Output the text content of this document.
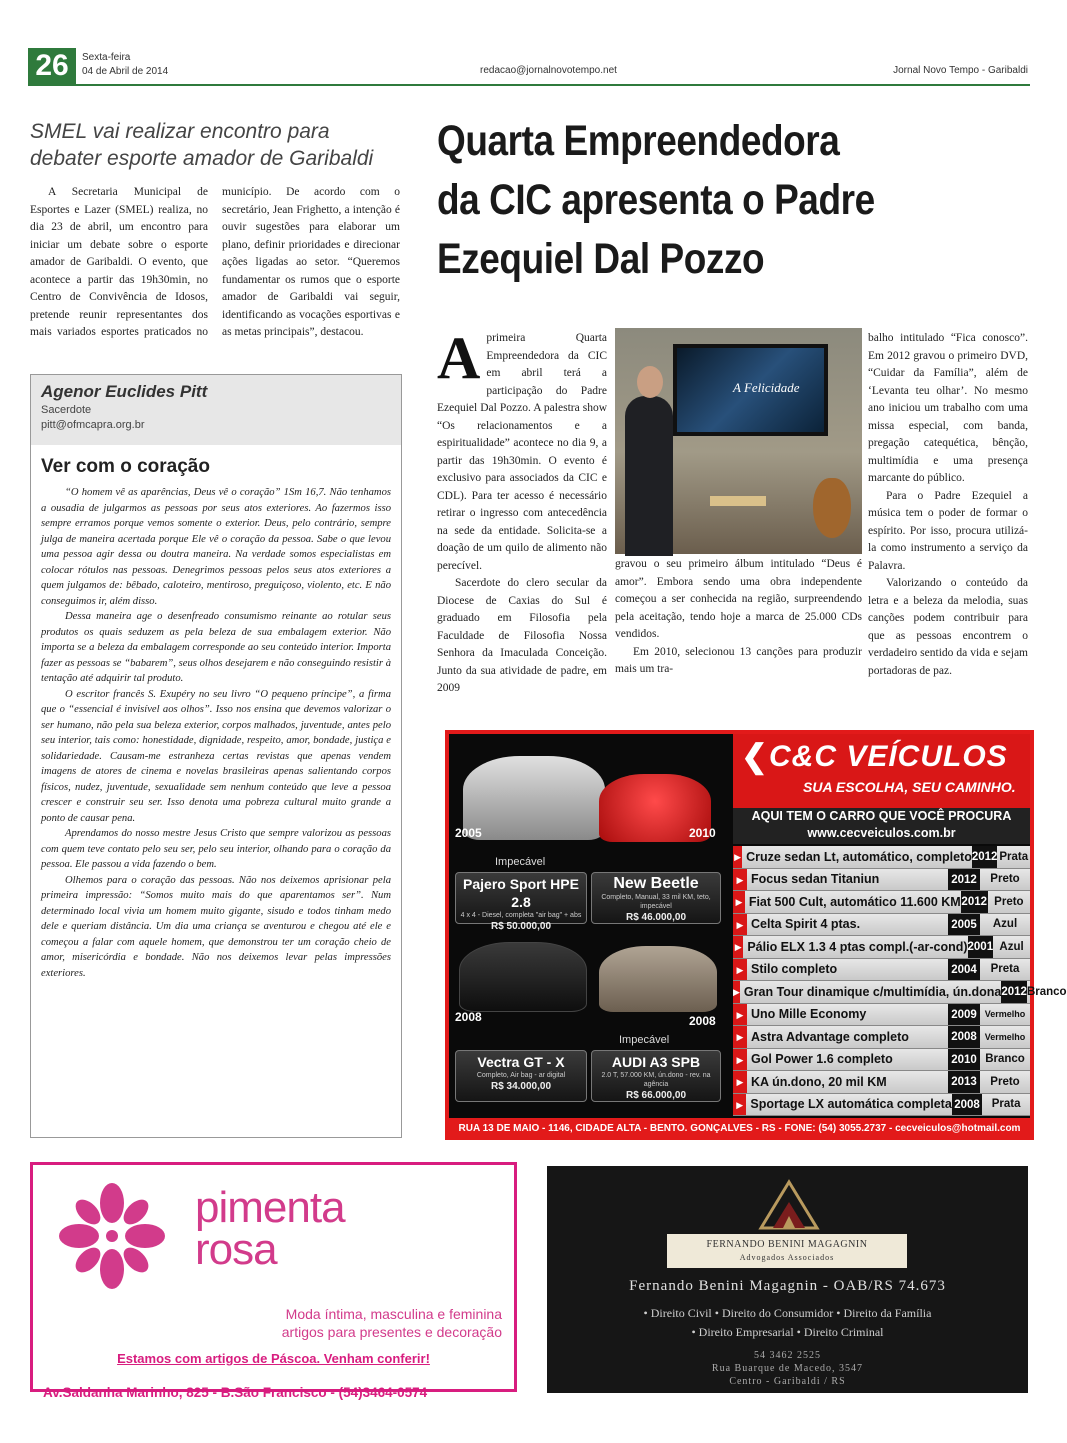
26	Sexta-feira
04 de Abril de 2014	redacao@jornalnovotempo.net	Jornal Novo Tempo - Garibaldi
SMEL vai realizar encontro para debater esporte amador de Garibaldi
A Secretaria Municipal de Esportes e Lazer (SMEL) realiza, no dia 23 de abril, um encontro para iniciar um debate sobre o esporte amador de Garibaldi. O evento, que acontece a partir das 19h30min, no Centro de Convivência de Idosos, pretende reunir representantes dos mais variados esportes praticados no município. De acordo com o secretário, Jean Frighetto, a intenção é ouvir sugestões para elaborar um plano, definir prioridades e direcionar ações ligadas ao setor. “Queremos fundamentar os rumos que o esporte amador de Garibaldi vai seguir, identificando as vocações esportivas e as metas principais”, destacou.
Agenor Euclides Pitt
Sacerdote
pitt@ofmcapra.org.br
Ver com o coração

“O homem vê as aparências, Deus vê o coração” 1Sm 16,7. Não tenhamos a ousadia de julgarmos as pessoas por seus atos exteriores. Ao fazermos isso sempre erramos porque vemos somente o exterior. Deus, pelo contrário, sempre julga de maneira acertada porque Ele vê o coração da pessoa. Sabe o que levou uma pessoa agir dessa ou doutra maneira. Na verdade somos especialistas em colocar rótulos nas pessoas. Denegrimos pessoas pelos seus atos exteriores a quem julgamos de: bêbado, caloteiro, mentiroso, preguiçoso, violento, etc. E não conseguimos ir, além disso.

Dessa maneira age o desenfreado consumismo reinante ao rotular seus produtos os quais seduzem as pela beleza de sua embalagem exterior. Não importa se a beleza da embalagem corresponde ao seu conteúdo interior. Importa fazer as pessoas se “babarem”, seus olhos desejarem e não conseguindo resistir à tentação até adquirir tal produto.

O escritor francês S. Exupéry no seu livro “O pequeno príncipe”, a firma que o “essencial é invisível aos olhos”. Isso nos ensina que devemos valorizar o ser humano, não pela sua beleza exterior, corpos malhados, juventude, antes pelo seu interior, tais como: honestidade, dignidade, respeito, amor, bondade, justiça e solidariedade. Causam-me estranheza certas revistas que apenas vendem imagens de atores de cinema e novelas brasileiras apenas salientando corpos físicos, nudez, juventude, sexualidade sem nenhum conteúdo que leve a pessoa crescer e construir seu ser. Isso denota uma pobreza cultural muito grande a ponto de causar pena.

Aprendamos do nosso mestre Jesus Cristo que sempre valorizou as pessoas com quem teve contato pelo seu ser, pelo seu interior, olhando para o coração da pessoa. Ele passou a vida fazendo o bem.

Olhemos para o coração das pessoas. Não nos deixemos aprisionar pela primeira impressão: “Somos muito mais do que aparentamos ser”. Num determinado local vivia um homem muito gigante, sisudo e todos tinham medo dele e queriam distância. Um dia uma criança se aventurou e chegou até ele e começou a falar com aquele homem, que demonstrou ter um coração cheio de amor, misericórdia e bondade. Não nos deixemos levar pelas impressões exteriores.

Quarta Empreendedora
da CIC apresenta o Padre
Ezequiel Dal Pozzo
A primeira Quarta Empreendedora da CIC em abril terá a participação do Padre Ezequiel Dal Pozzo. A palestra show “Os relacionamentos e a espiritualidade” acontece no dia 9, a partir das 19h30min. O evento é exclusivo para associados da CIC e CDL). Para ter acesso é necessário retirar o ingresso com antecedência na sede da entidade. Solicita-se a doação de um quilo de alimento não perecível.

Sacerdote do clero secular da Diocese de Caxias do Sul é graduado em Filosofia pela Faculdade de Filosofia Nossa Senhora da Imaculada Conceição. Junto da sua atividade de padre, em 2009

A Felicidade

gravou o seu primeiro álbum intitulado “Deus é amor”. Embora sendo uma obra independente começou a ser conhecida na região, surpreendendo pela aceitação, tendo hoje a marca de 25.000 CDs vendidos.

Em 2010, selecionou 13 canções para produzir mais um tra-

balho intitulado “Fica conosco”. Em 2012 gravou o primeiro DVD, “Cuidar da Família”, além de ‘Levanta teu olhar’. No mesmo ano iniciou um trabalho com uma missa especial, com banda, pregação catequética, bênção, multimídia e uma presença marcante do público.

Para o Padre Ezequiel a música tem o poder de formar o espírito. Por isso, procura utilizá-la como instrumento a serviço da Palavra.

Valorizando o conteúdo da letra e a beleza da melodia, suas canções podem contribuir para que as pessoas encontrem o verdadeiro sentido da vida e sejam portadoras de paz.

2005
Impecável
Pajero Sport HPE 2.8
4 x 4 - Diesel, completa "air bag" + abs
R$ 50.000,00
2010
New Beetle
Completo, Manual, 33 mil KM, teto, impecável
R$ 46.000,00
2008
Vectra GT - X
Completo, Air bag - ar digital
R$ 34.000,00
2008
Impecável
AUDI A3 SPB
2.0 T, 57.000 KM, ún.dono - rev. na agência
R$ 66.000,00
❮ C&C VEÍCULOS
SUA ESCOLHA, SEU CAMINHO.
AQUI TEM O CARRO QUE VOCÊ PROCURA
www.cecveiculos.com.br
▶ Cruze sedan Lt, automático, completo 2012 Prata
▶ Focus sedan Titaniun	2012	Preto
▶ Fiat 500 Cult, automático 11.600 KM 2012 Preto
▶ Celta Spirit 4 ptas.	2005	Azul
▶ Pálio ELX 1.3 4 ptas compl.(-ar-cond) 2001 Azul
▶ Stilo completo	2004	Preta
▶ Gran Tour dinamique c/multimídia, ún.dona 2012 Branco
▶ Uno Mille Economy	2009 Vermelho
▶ Astra Advantage completo	2008 Vermelho
▶ Gol Power 1.6 completo	2010 Branco
▶ KA ún.dono, 20 mil KM	2013	Preto
▶ Sportage LX automática completa 2008	Prata
RUA 13 DE MAIO - 1146, CIDADE ALTA - BENTO. GONÇALVES - RS - FONE: (54) 3055.2737 - cecveiculos@hotmail.com
pimenta
rosa
Moda íntima, masculina e feminina
artigos para presentes e decoração
Estamos com artigos de Páscoa. Venham conferir!
Av.Saldanha Marinho, 825 - B.São Francisco - (54)3464-0574
FERNANDO BENINI MAGAGNIN
Advogados Associados
Fernando Benini Magagnin - OAB/RS 74.673
• Direito Civil • Direito do Consumidor • Direito da Família
• Direito Empresarial • Direito Criminal
54 3462 2525
Rua Buarque de Macedo, 3547
Centro - Garibaldi / RS
